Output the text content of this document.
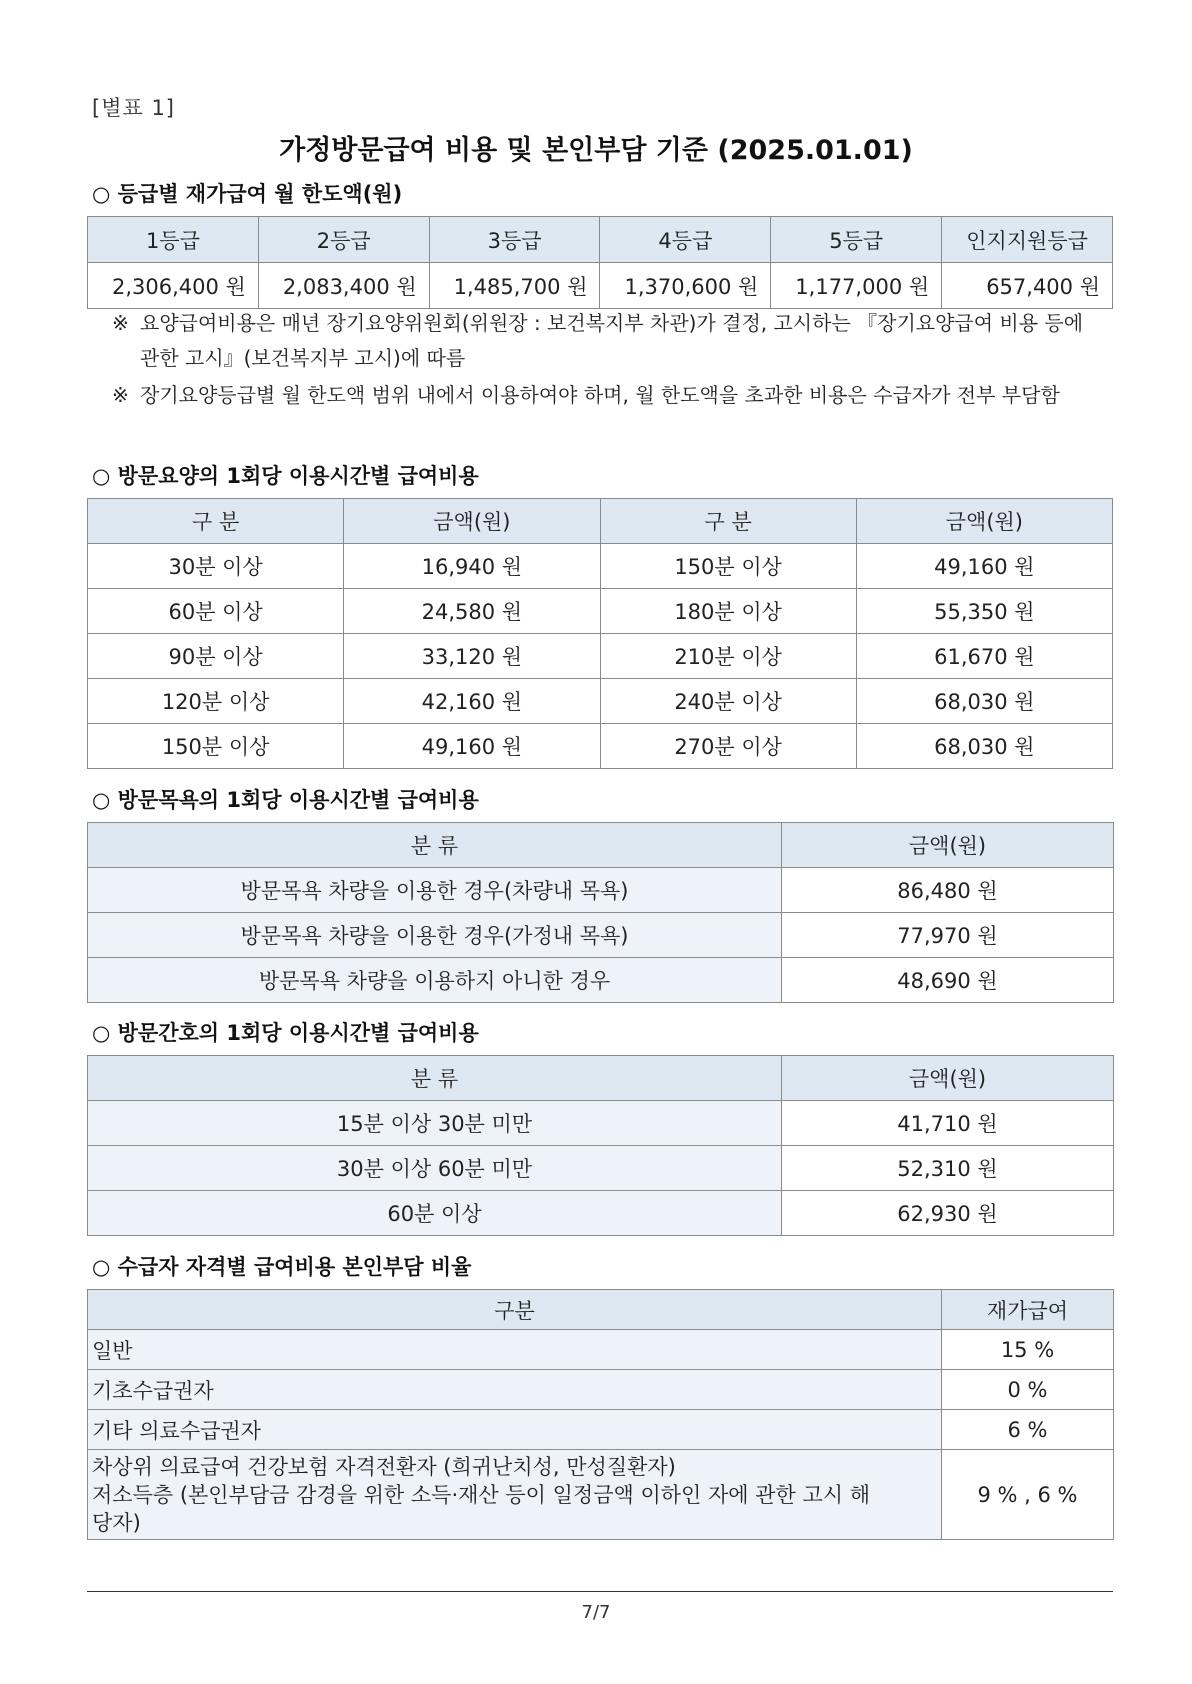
[별표 1]
가정방문급여 비용 및 본인부담 기준 (2025.01.01)
○ 등급별 재가급여 월 한도액(원)
1등급	2등급	3등급	4등급	5등급	인지지원등급
2,306,400 원	2,083,400 원	1,485,700 원	1,370,600 원	1,177,000 원	657,400 원
※ 요양급여비용은 매년 장기요양위원회(위원장 : 보건복지부 차관)가 결정, 고시하는 『장기요양급여 비용 등에 관한 고시』(보건복지부 고시)에 따름
※ 장기요양등급별 월 한도액 범위 내에서 이용하여야 하며, 월 한도액을 초과한 비용은 수급자가 전부 부담함
○ 방문요양의 1회당 이용시간별 급여비용
구 분	금액(원)	구 분	금액(원)
30분 이상	16,940 원	150분 이상	49,160 원
60분 이상	24,580 원	180분 이상	55,350 원
90분 이상	33,120 원	210분 이상	61,670 원
120분 이상	42,160 원	240분 이상	68,030 원
150분 이상	49,160 원	270분 이상	68,030 원
○ 방문목욕의 1회당 이용시간별 급여비용
분 류	금액(원)
방문목욕 차량을 이용한 경우(차량내 목욕)	86,480 원
방문목욕 차량을 이용한 경우(가정내 목욕)	77,970 원
방문목욕 차량을 이용하지 아니한 경우	48,690 원
○ 방문간호의 1회당 이용시간별 급여비용
분 류	금액(원)
15분 이상 30분 미만	41,710 원
30분 이상 60분 미만	52,310 원
60분 이상	62,930 원
○ 수급자 자격별 급여비용 본인부담 비율
구분	재가급여
일반	15 %
기초수급권자	0 %
기타 의료수급권자	6 %

차상위 의료급여 건강보험 자격전환자 (희귀난치성, 만성질환자)
저소득층 (본인부담금 감경을 위한 소득·재산 등이 일정금액 이하인 자에 관한 고시 해당자)	9 % , 6 %
7/7
